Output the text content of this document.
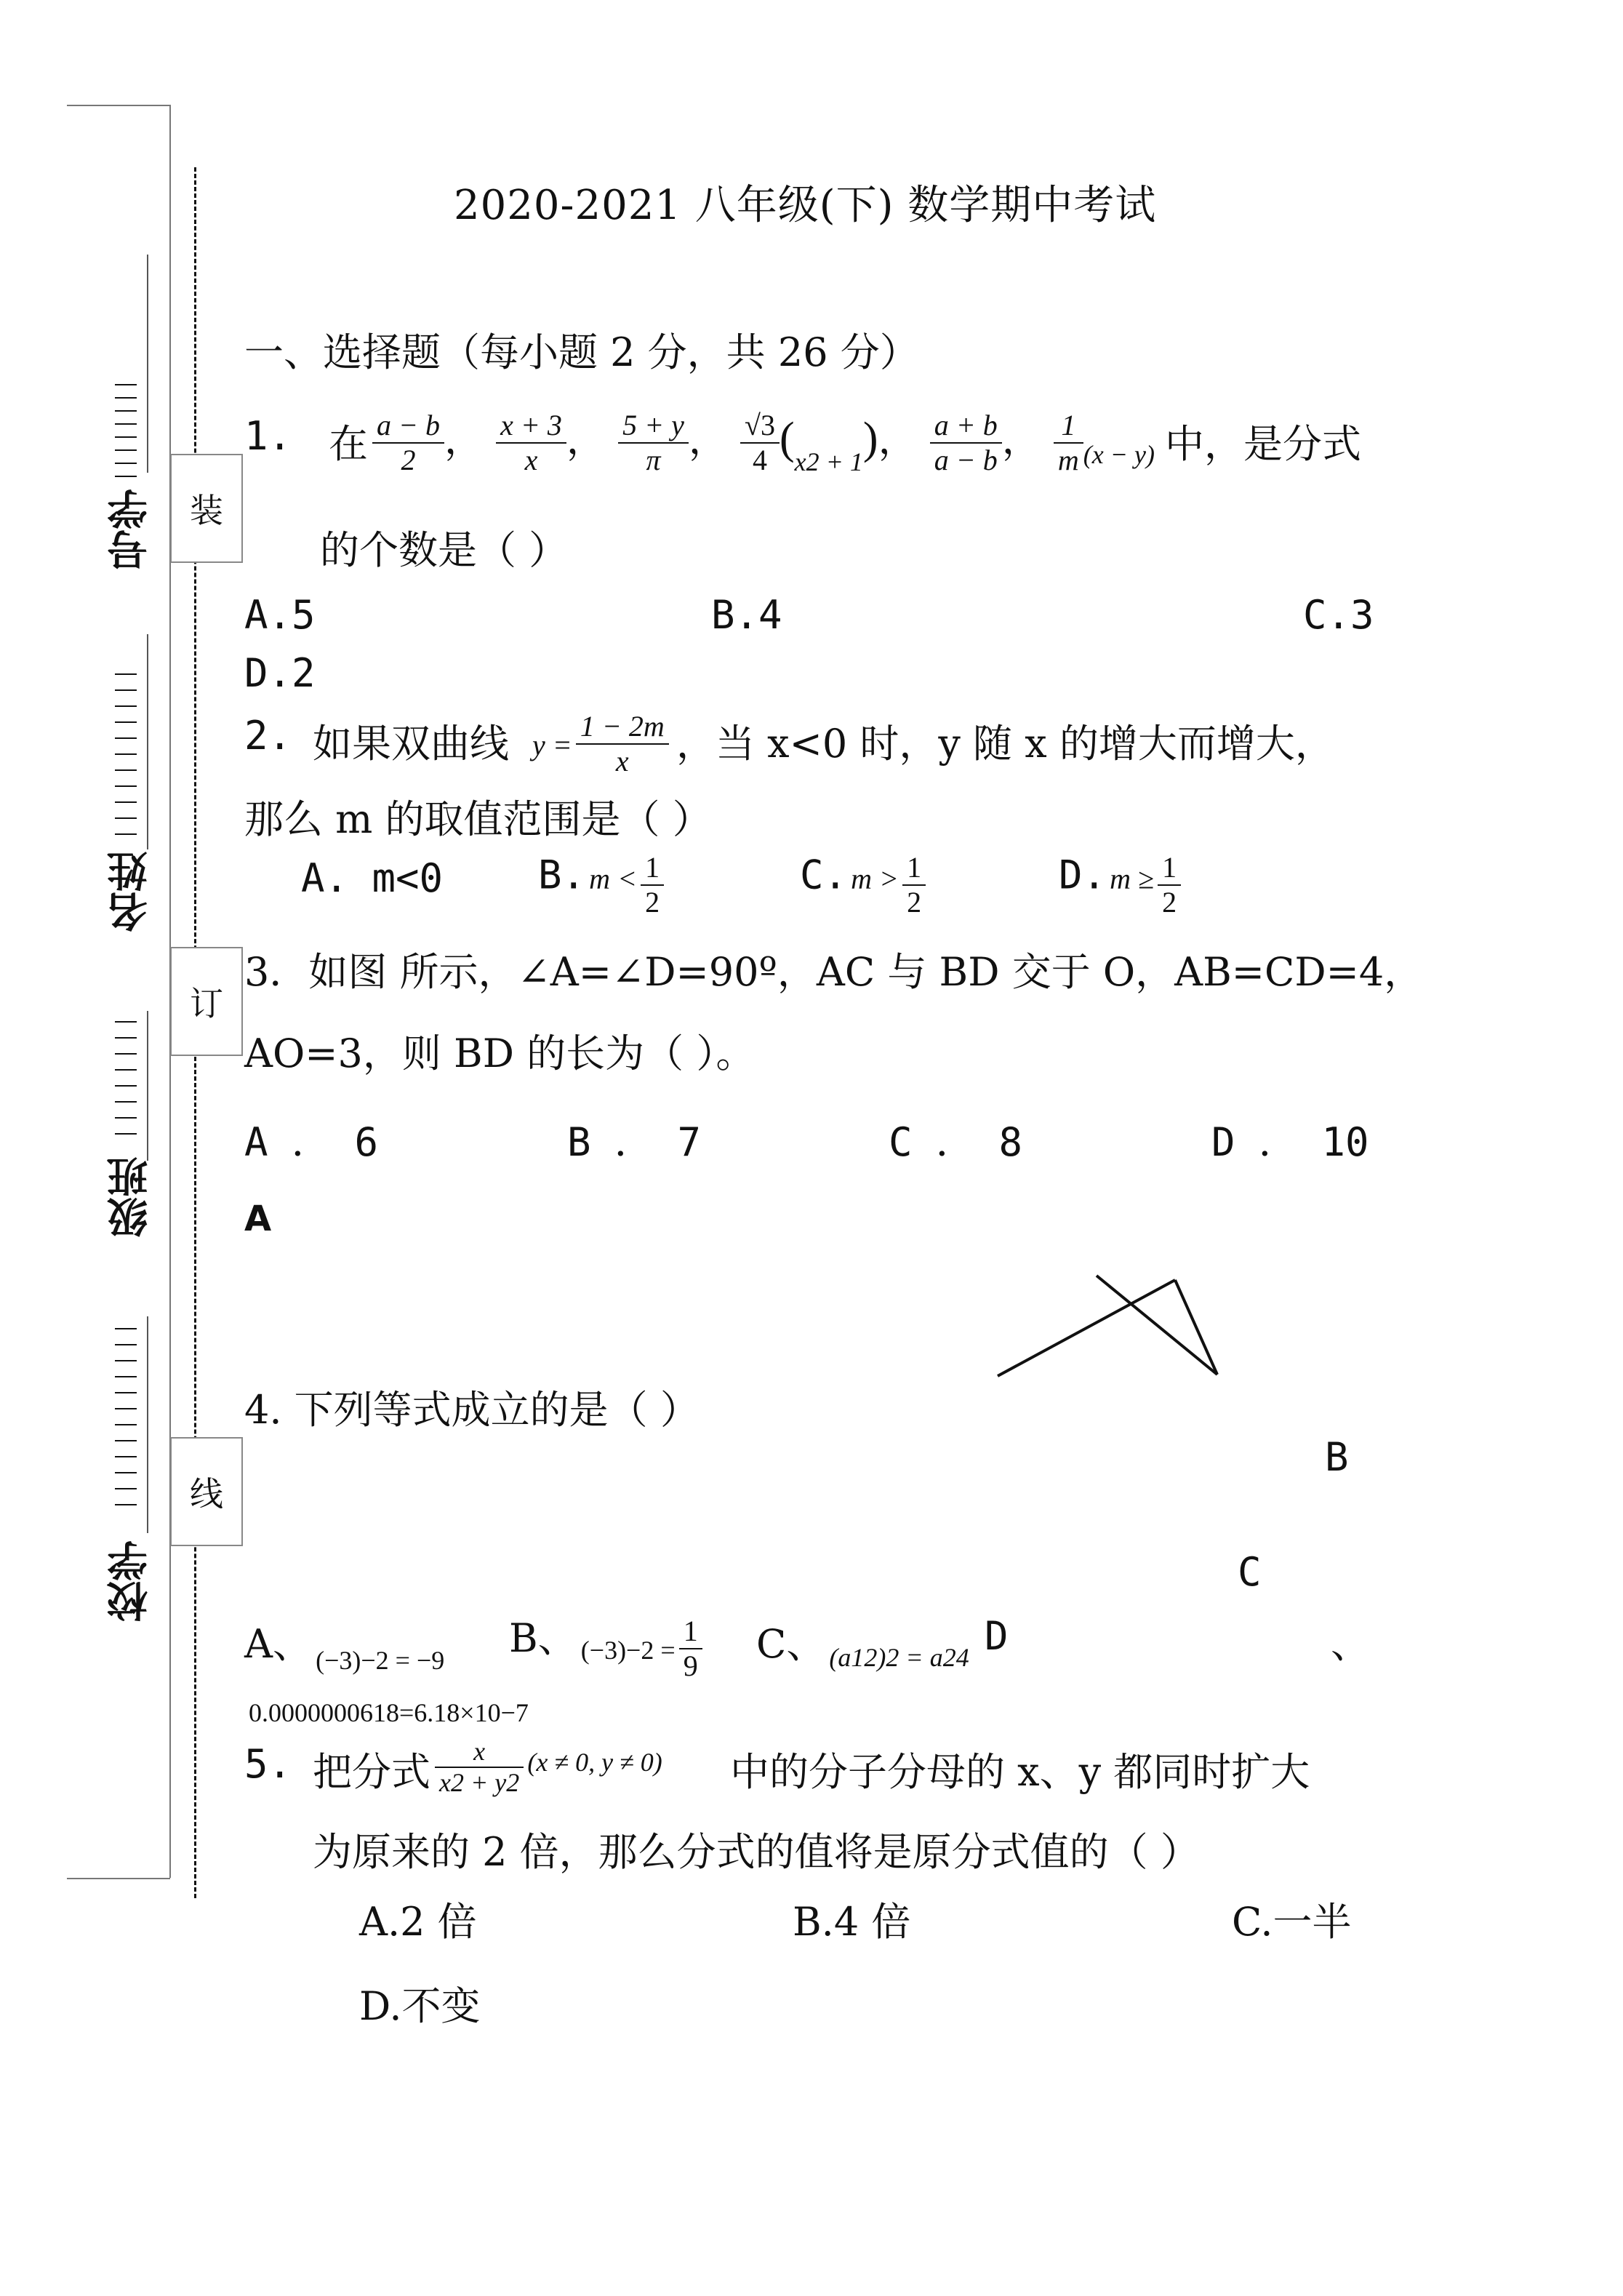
号学
名姓
级班
校学
装
订
线
2020-2021 八年级(下) 数学期中考试
一、选择题（每小题 2 分，共 26 分）
1. 在 $\frac{a - b}{2}$ ， $\frac{x + 3}{x}$ ， $\frac{5 + y}{\pi}$ ， $\frac{√3}{4} (_{x2 + 1})$， $\frac{a + b}{a - b}$ ， $\frac{1}{m} _{(x - y)}$ 中，是分式
的个数是（ ）
A.5	B.4	C.3
D.2
2. 如果双曲线 $y = \frac{1 - 2m}{x}$ ，当 x<0 时，y 随 x 的增大而增大，
那么 m 的取值范围是（ ）
A. m<0 B. $m < \frac{1}{2}$	C. $m > \frac{1}{2}$	D. $m \ge \frac{1}{2}$
3．如图 所示，∠A=∠D=90º，AC 与 BD 交于 O，AB=CD=4，
AO=3，则 BD 的长为（ ）。
A ． 6	B ． 7	C ． 8	D ． 10
A
B
C
4. 下列等式成立的是（ ）
A、 (−3)−2 = −9 B、 $(-3)-2 = \frac{1}{9}$ C、 (a12)2 = a24 D	、
0.0000000618=6.18×10−7
5. 把分式 $\frac{x}{x2 + y2} (x \ne 0$, y ≠ 0) 中的分子分母的 x、y 都同时扩大
为原来的 2 倍，那么分式的值将是原分式值的（ ）
A.2 倍	B.4 倍	C.一半
D.不变
